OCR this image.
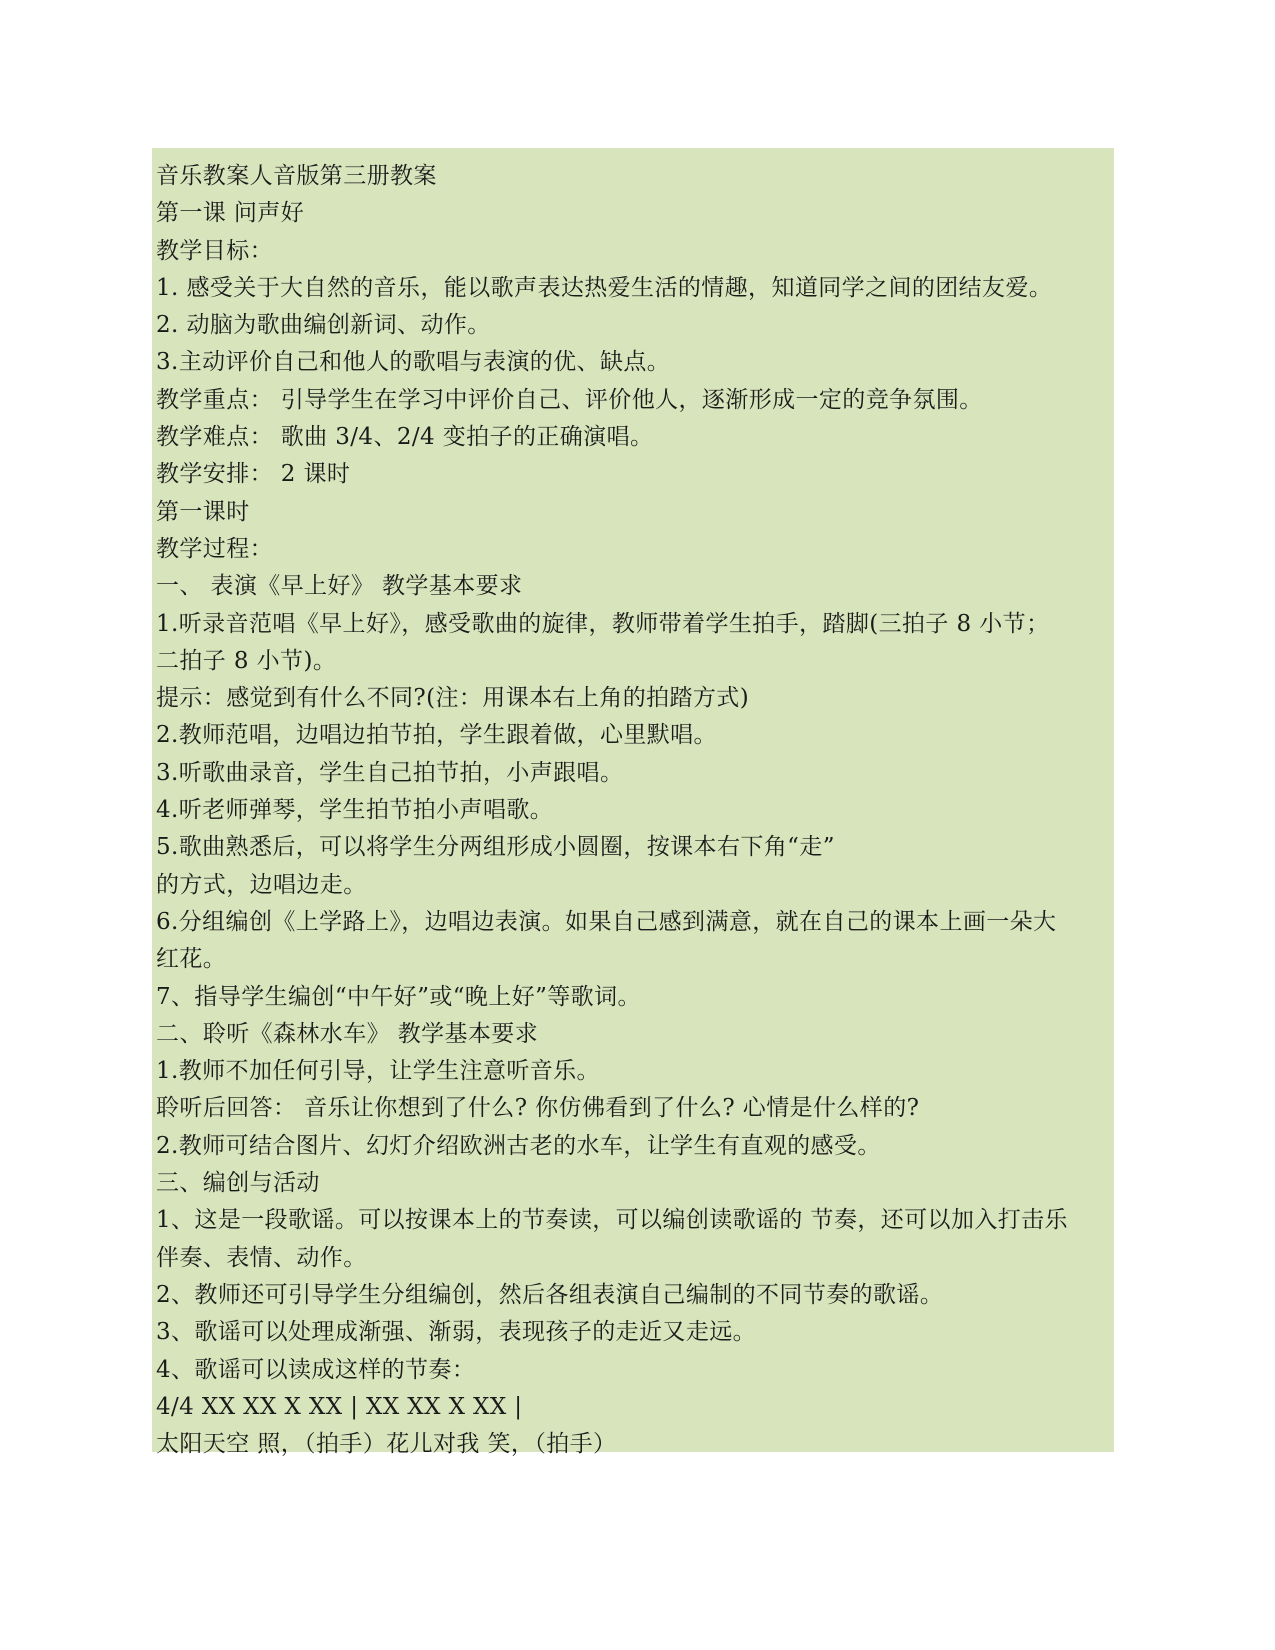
音乐教案人音版第三册教案
第一课 问声好
教学目标：
1. 感受关于大自然的音乐，能以歌声表达热爱生活的情趣，知道同学之间的团结友爱。
2. 动脑为歌曲编创新词、动作。
3.主动评价自己和他人的歌唱与表演的优、缺点。
教学重点： 引导学生在学习中评价自己、评价他人，逐渐形成一定的竞争氛围。
教学难点： 歌曲 3/4、2/4 变拍子的正确演唱。
教学安排： 2 课时
第一课时
教学过程：
一、 表演《早上好》 教学基本要求
1.听录音范唱《早上好》，感受歌曲的旋律，教师带着学生拍手，踏脚(三拍子 8 小节；
二拍子 8 小节)。
提示：感觉到有什么不同?(注：用课本右上角的拍踏方式)
2.教师范唱，边唱边拍节拍，学生跟着做，心里默唱。
3.听歌曲录音，学生自己拍节拍，小声跟唱。
4.听老师弹琴，学生拍节拍小声唱歌。
5.歌曲熟悉后，可以将学生分两组形成小圆圈，按课本右下角“走”
的方式，边唱边走。
6.分组编创《上学路上》，边唱边表演。如果自己感到满意，就在自己的课本上画一朵大
红花。
7、指导学生编创“中午好”或“晚上好”等歌词。
二、聆听《森林水车》 教学基本要求
1.教师不加任何引导，让学生注意听音乐。
聆听后回答： 音乐让你想到了什么? 你仿佛看到了什么? 心情是什么样的?
2.教师可结合图片、幻灯介绍欧洲古老的水车，让学生有直观的感受。
三、编创与活动
1、这是一段歌谣。可以按课本上的节奏读，可以编创读歌谣的 节奏，还可以加入打击乐
伴奏、表情、动作。
2、教师还可引导学生分组编创，然后各组表演自己编制的不同节奏的歌谣。
3、歌谣可以处理成渐强、渐弱，表现孩子的走近又走远。
4、歌谣可以读成这样的节奏：
4/4 XX XX X XX | XX XX X XX |
太阳天空 照，（拍手）花儿对我 笑，（拍手）
